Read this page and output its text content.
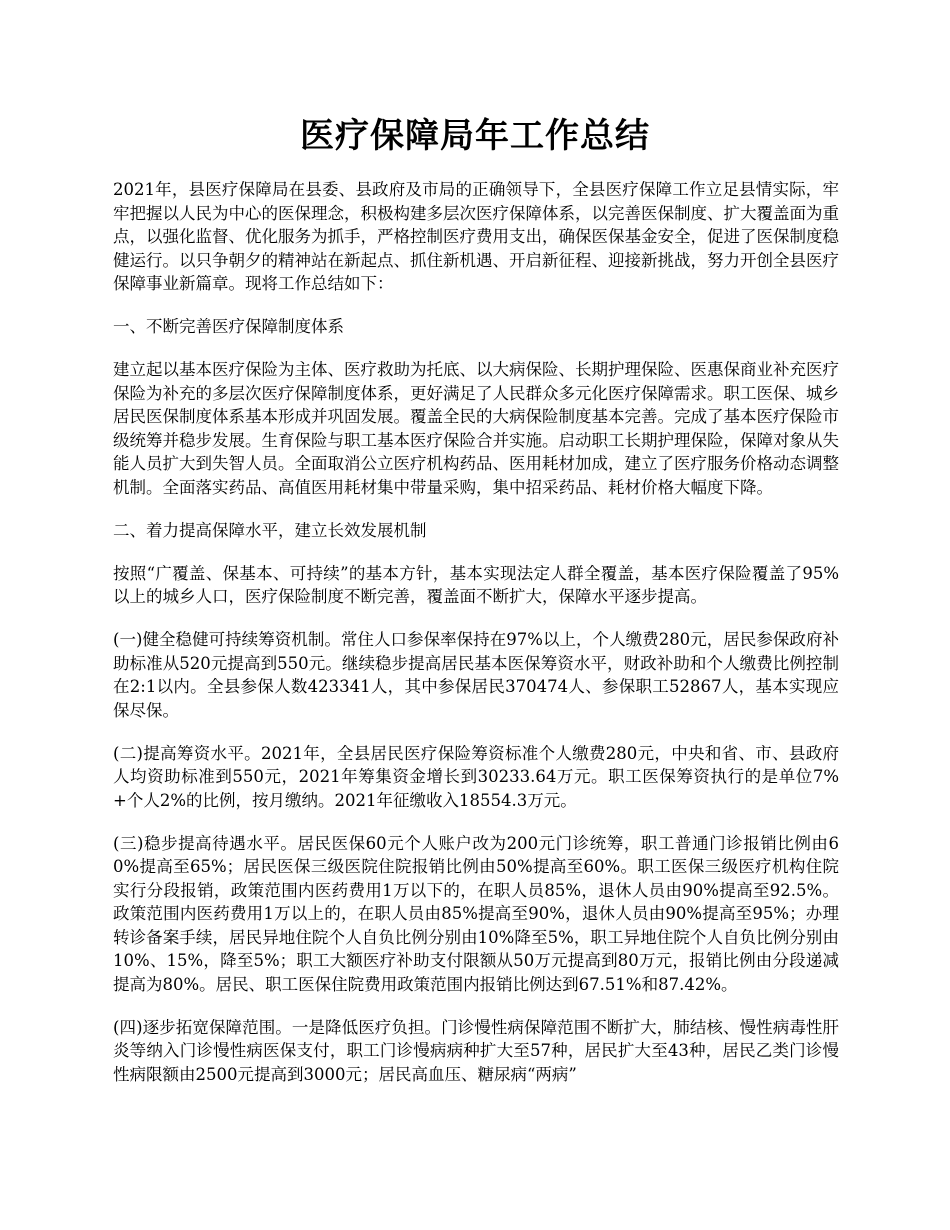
医疗保障局年工作总结

2021年，县医疗保障局在县委、县政府及市局的正确领导下，全县医疗保障工作立足县情实际，牢牢把握以人民为中心的医保理念，积极构建多层次医疗保障体系，以完善医保制度、扩大覆盖面为重点，以强化监督、优化服务为抓手，严格控制医疗费用支出，确保医保基金安全，促进了医保制度稳健运行。以只争朝夕的精神站在新起点、抓住新机遇、开启新征程、迎接新挑战，努力开创全县医疗保障事业新篇章。现将工作总结如下：

一、不断完善医疗保障制度体系

建立起以基本医疗保险为主体、医疗救助为托底、以大病保险、长期护理保险、医惠保商业补充医疗保险为补充的多层次医疗保障制度体系，更好满足了人民群众多元化医疗保障需求。职工医保、城乡居民医保制度体系基本形成并巩固发展。覆盖全民的大病保险制度基本完善。完成了基本医疗保险市级统筹并稳步发展。生育保险与职工基本医疗保险合并实施。启动职工长期护理保险，保障对象从失能人员扩大到失智人员。全面取消公立医疗机构药品、医用耗材加成，建立了医疗服务价格动态调整机制。全面落实药品、高值医用耗材集中带量采购，集中招采药品、耗材价格大幅度下降。

二、着力提高保障水平，建立长效发展机制

按照“广覆盖、保基本、可持续”的基本方针，基本实现法定人群全覆盖，基本医疗保险覆盖了95%以上的城乡人口，医疗保险制度不断完善，覆盖面不断扩大，保障水平逐步提高。

(一)健全稳健可持续筹资机制。常住人口参保率保持在97%以上，个人缴费280元，居民参保政府补助标准从520元提高到550元。继续稳步提高居民基本医保筹资水平，财政补助和个人缴费比例控制在2:1以内。全县参保人数423341人，其中参保居民370474人、参保职工52867人，基本实现应保尽保。

(二)提高筹资水平。2021年，全县居民医疗保险筹资标准个人缴费280元，中央和省、市、县政府人均资助标准到550元，2021年筹集资金增长到30233.64万元。职工医保筹资执行的是单位7%+个人2%的比例，按月缴纳。2021年征缴收入18554.3万元。

(三)稳步提高待遇水平。居民医保60元个人账户改为200元门诊统筹，职工普通门诊报销比例由60%提高至65%；居民医保三级医院住院报销比例由50%提高至60%。职工医保三级医疗机构住院实行分段报销，政策范围内医药费用1万以下的，在职人员85%，退休人员由90%提高至92.5%。政策范围内医药费用1万以上的，在职人员由85%提高至90%，退休人员由90%提高至95%；办理转诊备案手续，居民异地住院个人自负比例分别由10%降至5%，职工异地住院个人自负比例分别由10%、15%，降至5%；职工大额医疗补助支付限额从50万元提高到80万元，报销比例由分段递减提高为80%。居民、职工医保住院费用政策范围内报销比例达到67.51%和87.42%。

(四)逐步拓宽保障范围。一是降低医疗负担。门诊慢性病保障范围不断扩大，肺结核、慢性病毒性肝炎等纳入门诊慢性病医保支付，职工门诊慢病病种扩大至57种，居民扩大至43种，居民乙类门诊慢性病限额由2500元提高到3000元；居民高血压、糖尿病“两病”
